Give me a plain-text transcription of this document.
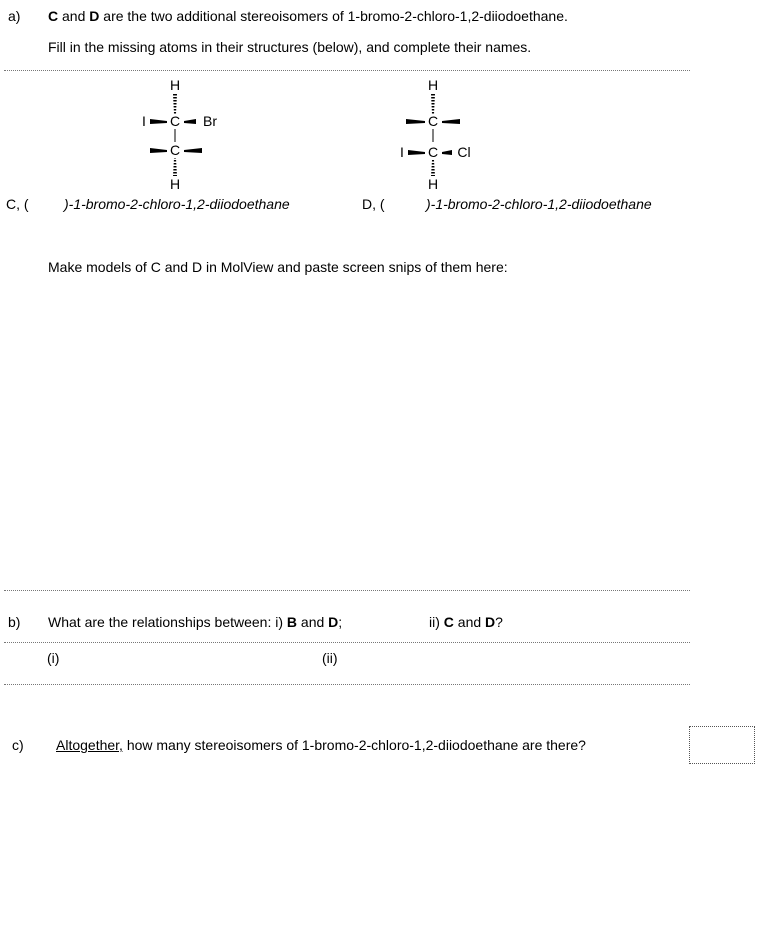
a) C and D are the two additional stereoisomers of 1-bromo-2-chloro-1,2-diiodoethane.
Fill in the missing atoms in their structures (below), and complete their names.
H
C
I	Br
C
H
H
C
C
I	Cl
H
C, (	)-1-bromo-2-chloro-1,2-diiodoethane	D, (	)-1-bromo-2-chloro-1,2-diiodoethane
Make models of C and D in MolView and paste screen snips of them here:
b) What are the relationships between: i) B and D;	ii) C and D?
(i)	(ii)
c) Altogether, how many stereoisomers of 1-bromo-2-chloro-1,2-diiodoethane are there?
